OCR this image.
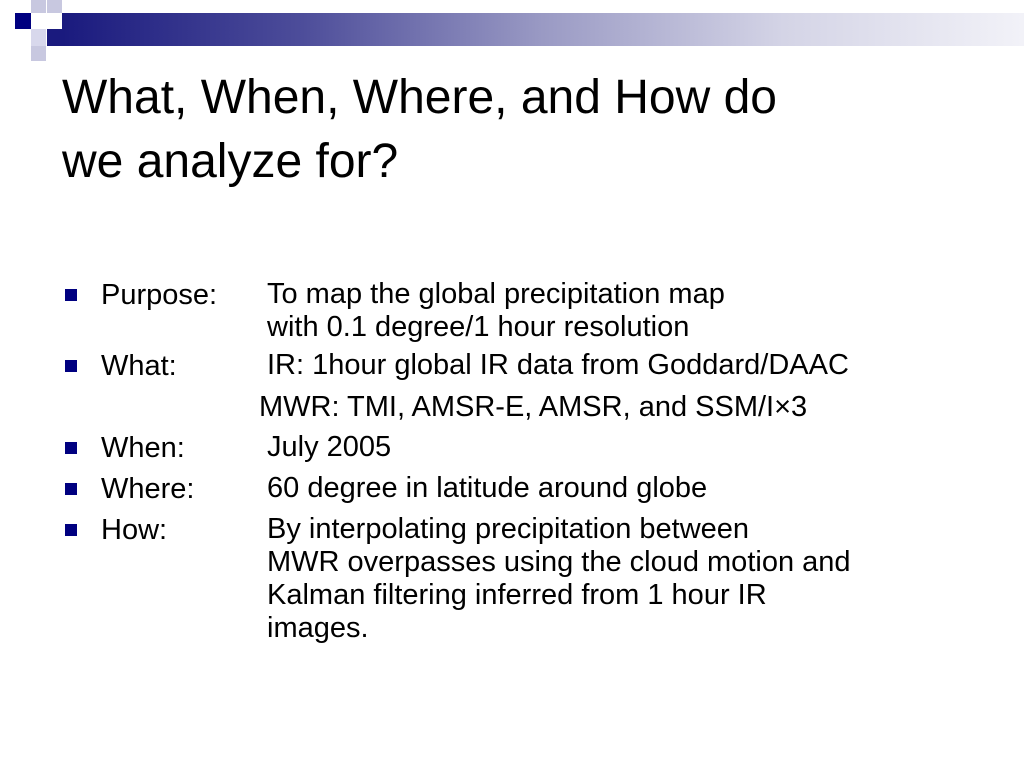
What, When, Where, and How do
we analyze for?
Purpose: To map the global precipitation map
with 0.1 degree/1 hour resolution
What:	IR: 1hour global IR data from Goddard/DAAC
MWR: TMI, AMSR-E, AMSR, and SSM/I×3
When:	July 2005
Where:	60 degree in latitude around globe
How:	By interpolating precipitation between
MWR overpasses using the cloud motion and
Kalman filtering inferred from 1 hour IR
images.
